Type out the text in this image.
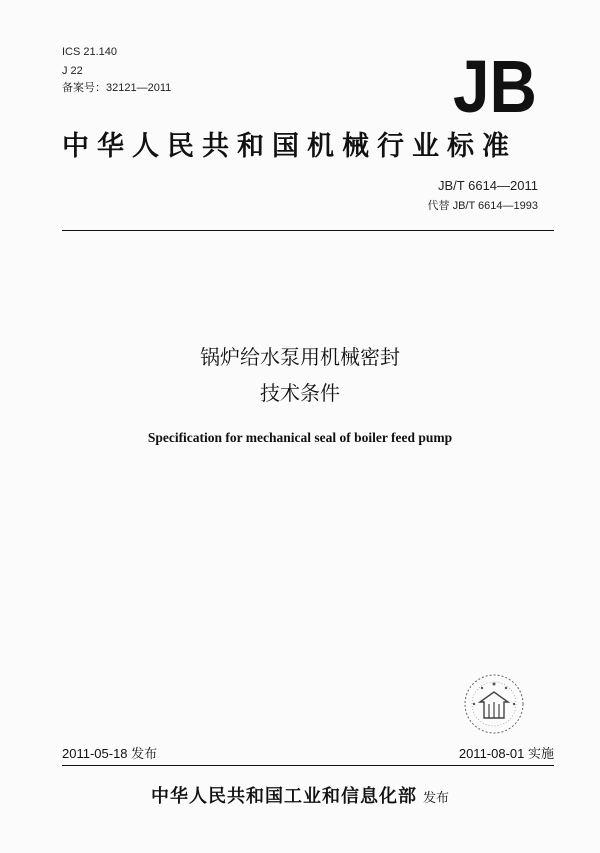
ICS 21.140
J 22
备案号：32121—2011	JB
中华人民共和国机械行业标准
JB/T 6614—2011
代替 JB/T 6614—1993
锅炉给水泵用机械密封
技术条件
Specification for mechanical seal of boiler feed pump
2011-05-18 发布	2011-08-01 实施
中华人民共和国工业和信息化部 发布
